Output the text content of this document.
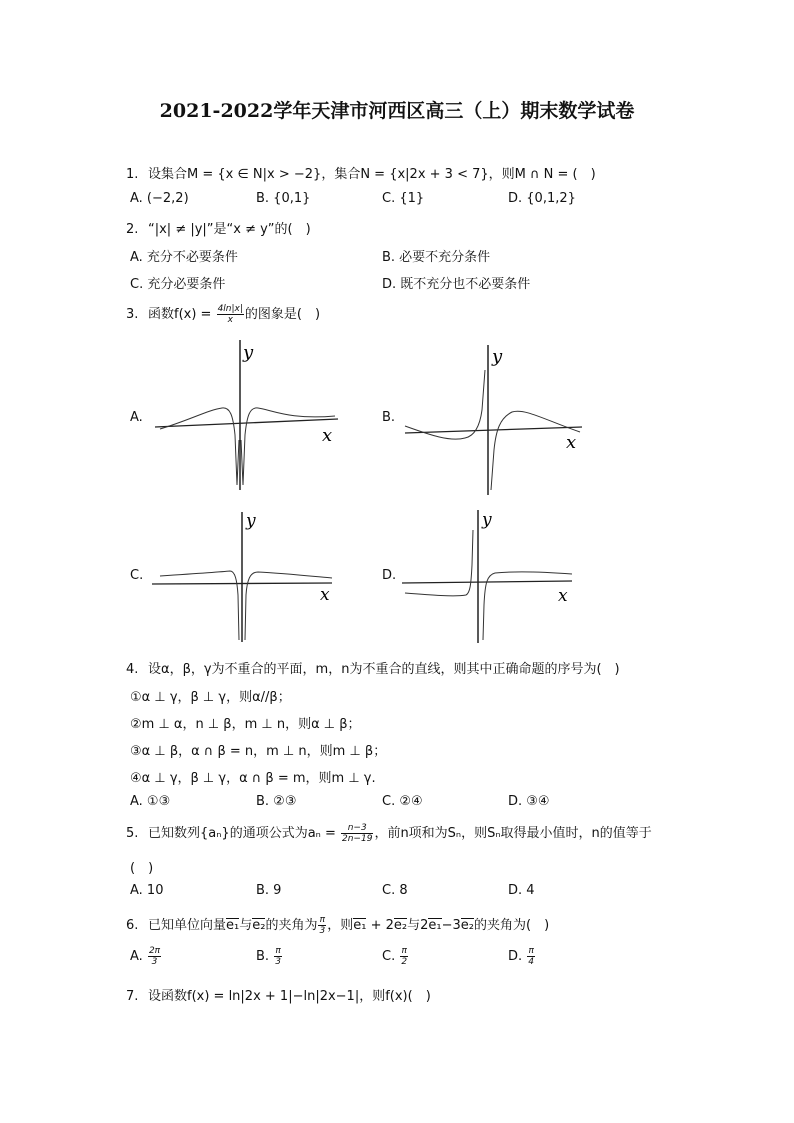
2021-2022学年天津市河西区高三（上）期末数学试卷
1. 设集合M = {x ∈ N|x > −2}，集合N = {x|2x + 3 < 7}，则M ∩ N = (　)
A. (−2,2)	B. {0,1}	C. {1}	D. {0,1,2}
2. “|x| ≠ |y|”是“x ≠ y”的(　)
A. 充分不必要条件	B. 必要不充分条件
C. 充分必要条件	D. 既不充分也不必要条件
3. 函数$f(x) = \frac{4\ln|x|}{x}$ 的图象是(　)
A.
y
x
B.
y
x
C.
y
x
D.
y
x
4. 设α，β，γ为不重合的平面，m，n为不重合的直线，则其中正确命题的序号为(　)
①α ⊥ γ，β ⊥ γ，则α//β；
②m ⊥ α，n ⊥ β，m ⊥ n，则α ⊥ β；
③α ⊥ β，α ∩ β = n，m ⊥ n，则m ⊥ β；
④α ⊥ γ，β ⊥ γ，α ∩ β = m，则m ⊥ γ.
A. ①③	B. ②③	C. ②④	D. ③④
5. 已知数列{aₙ}的通项公式为$a_n = \frac{n-3}{2n-19}$ ，前n项和为Sₙ，则Sₙ取得最小值时，n的值等于
(　)
A. 10	B. 9	C. 8	D. 4
6. 已知单位向量e₁与e₂的夹角为 $\frac{\pi}{3}$ ，则e₁ + 2e₂与2e₁−3e₂的夹角为(　)
A. $\frac{2\pi}{3}$	B. $\frac{\pi}{3}$	C. $\frac{\pi}{2}$	D. $\frac{\pi}{4}$
7. 设函数f(x) = ln|2x + 1|−ln|2x−1|，则f(x)(　)
